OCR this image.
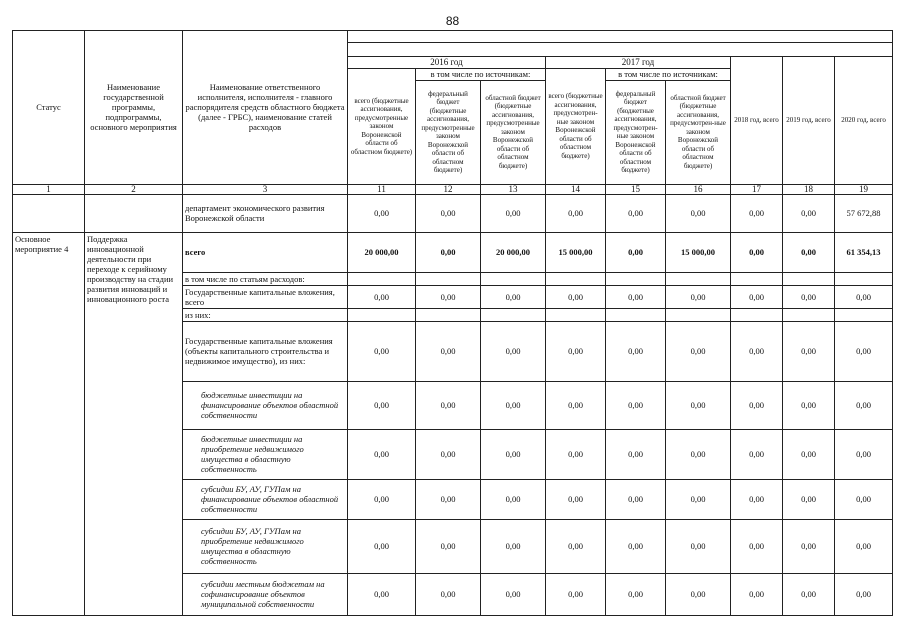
88
Статус	Наименование государственной программы, подпрограммы, основного мероприятия	Наименование ответственного исполнителя, исполнителя - главного распорядителя средств областного бюджета (далее - ГРБС), наименование статей расходов									

			2016 год			2017 год			2018 год, всего	2019 год, всего	2020 год, всего
			всего (бюджетные ассигнования, предусмотренные законом Воронежской области об областном бюджете)	в том числе по источникам:		всего (бюджетные ассигнования, предусмотрен-ные законом Воронежской области об областном бюджете)	в том числе по источникам:				
				федеральный бюджет (бюджетные ассигнования, предусмотренные законом Воронежской области об областном бюджете)	областной бюджет (бюджетные ассигнования, предусмотренные законом Воронежской области об областном бюджете)		федеральный бюджет (бюджетные ассигнования, предусмотрен-ные законом Воронежской области об областном бюджете)	областной бюджет (бюджетные ассигнования, предусмотрен-ные законом Воронежской области об областном бюджете)			
1	2	3	11	12	13	14	15	16	17	18	19
		департамент экономического развития Воронежской области	0,00	0,00	0,00	0,00	0,00	0,00	0,00	0,00	57 672,88
Основное мероприятие 4	Поддержка инновационной деятельности при переходе к серийному производству на стадии развития инноваций и инновационного роста	всего	20 000,00	0,00	20 000,00	15 000,00	0,00	15 000,00	0,00	0,00	61 354,13
		в том числе по статьям расходов:									
		Государственные капитальные вложения, всего	0,00	0,00	0,00	0,00	0,00	0,00	0,00	0,00	0,00
		из них:									
		Государственные капитальные вложения (объекты капитального строительства и недвижимое имущество), из них:	0,00	0,00	0,00	0,00	0,00	0,00	0,00	0,00	0,00
		бюджетные инвестиции на финансирование объектов областной собственности	0,00	0,00	0,00	0,00	0,00	0,00	0,00	0,00	0,00
		бюджетные инвестиции на приобретение недвижимого имущества в областную собственность	0,00	0,00	0,00	0,00	0,00	0,00	0,00	0,00	0,00
		субсидии БУ, АУ, ГУПам на финансирование объектов областной собственности	0,00	0,00	0,00	0,00	0,00	0,00	0,00	0,00	0,00
		субсидии БУ, АУ, ГУПам на приобретение недвижимого имущества в областную собственность	0,00	0,00	0,00	0,00	0,00	0,00	0,00	0,00	0,00
		субсидии местным бюджетам на софинансирование объектов муниципальной собственности	0,00	0,00	0,00	0,00	0,00	0,00	0,00	0,00	0,00
